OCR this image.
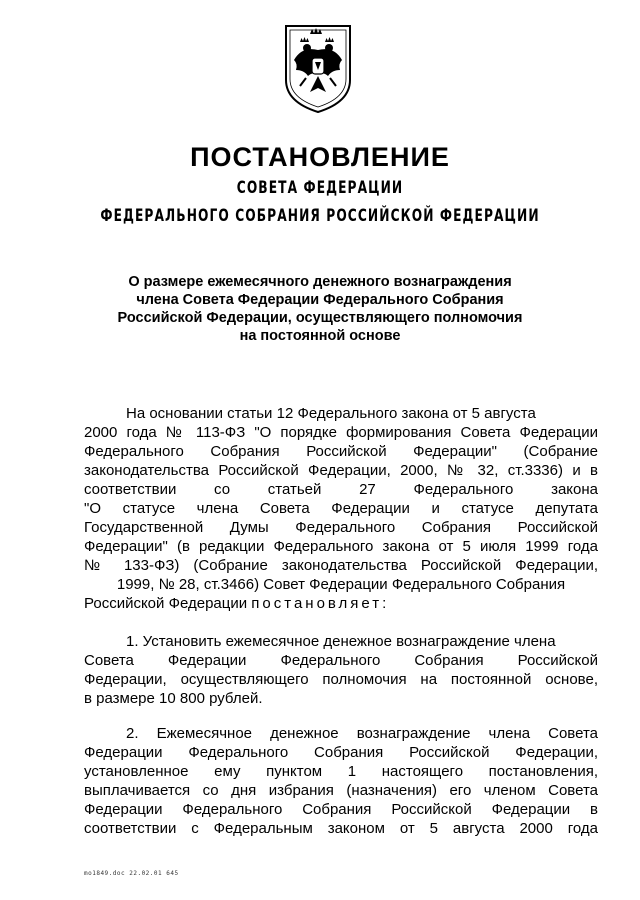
ПОСТАНОВЛЕНИЕ
СОВЕТА ФЕДЕРАЦИИ
ФЕДЕРАЛЬНОГО СОБРАНИЯ РОССИЙСКОЙ ФЕДЕРАЦИИ
О размере ежемесячного денежного вознаграждения
члена Совета Федерации Федерального Собрания
Российской Федерации, осуществляющего полномочия
на постоянной основе
На основании статьи 12 Федерального закона от 5 августа
2000 года № 113-ФЗ "О порядке формирования Совета Федерации
Федерального Собрания Российской Федерации" (Собрание
законодательства Российской Федерации, 2000, № 32, ст.3336) и в
соответствии со статьей 27 Федерального закона
"О статусе члена Совета Федерации и статусе депутата
Государственной Думы Федерального Собрания Российской
Федерации" (в редакции Федерального закона от 5 июля 1999 года
№ 133-ФЗ) (Собрание законодательства Российской Федерации,
1999, № 28, ст.3466) Совет Федерации Федерального Собрания
Российской Федерации постановляет:
1. Установить ежемесячное денежное вознаграждение члена
Совета Федерации Федерального Собрания Российской
Федерации, осуществляющего полномочия на постоянной основе,
в размере 10 800 рублей.
2. Ежемесячное денежное вознаграждение члена Совета
Федерации Федерального Собрания Российской Федерации,
установленное ему пунктом 1 настоящего постановления,
выплачивается со дня избрания (назначения) его членом Совета
Федерации Федерального Собрания Российской Федерации в
соответствии с Федеральным законом от 5 августа 2000 года
mo1849.doc 22.02.01 645
